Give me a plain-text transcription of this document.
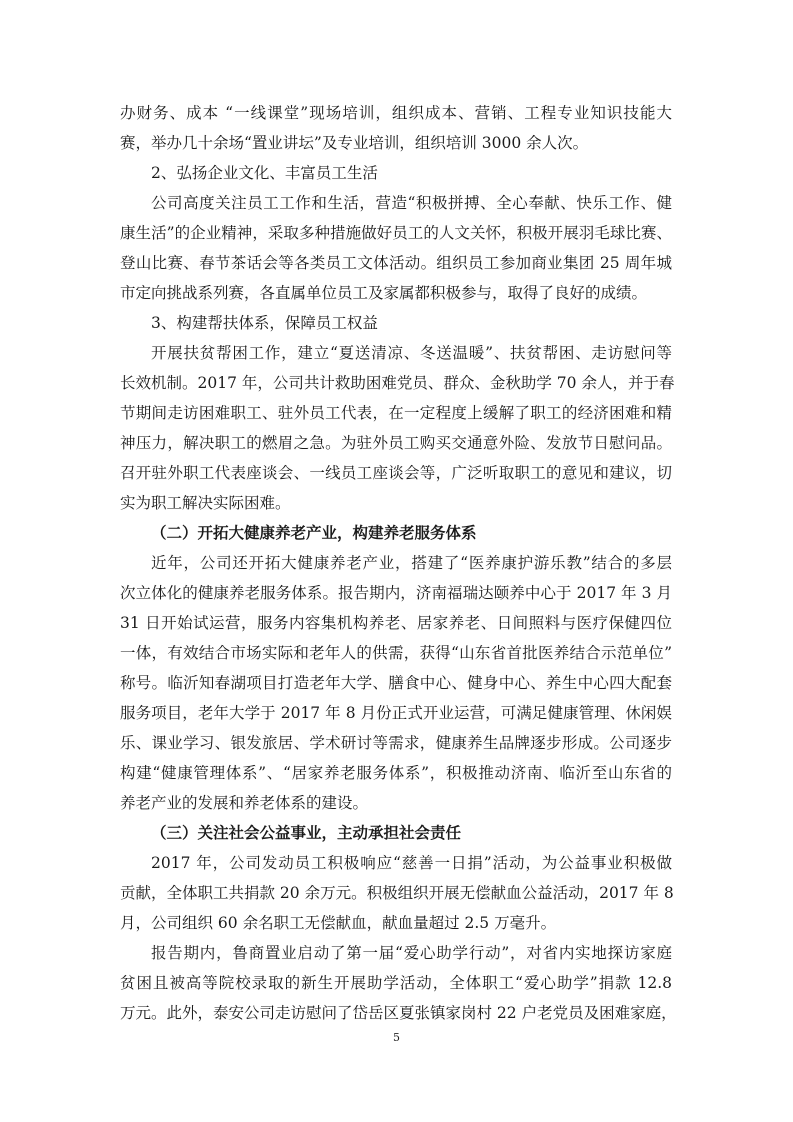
办财务、成本 “一线课堂”现场培训，组织成本、营销、工程专业知识技能大
赛，举办几十余场“置业讲坛”及专业培训，组织培训 3000 余人次。
2、弘扬企业文化、丰富员工生活
公司高度关注员工工作和生活，营造“积极拼搏、全心奉献、快乐工作、健
康生活”的企业精神，采取多种措施做好员工的人文关怀，积极开展羽毛球比赛、
登山比赛、春节茶话会等各类员工文体活动。组织员工参加商业集团 25 周年城
市定向挑战系列赛，各直属单位员工及家属都积极参与，取得了良好的成绩。
3、构建帮扶体系，保障员工权益
开展扶贫帮困工作，建立“夏送清凉、冬送温暖”、扶贫帮困、走访慰问等
长效机制。2017 年，公司共计救助困难党员、群众、金秋助学 70 余人，并于春
节期间走访困难职工、驻外员工代表，在一定程度上缓解了职工的经济困难和精
神压力，解决职工的燃眉之急。为驻外员工购买交通意外险、发放节日慰问品。
召开驻外职工代表座谈会、一线员工座谈会等，广泛听取职工的意见和建议，切
实为职工解决实际困难。
（二）开拓大健康养老产业，构建养老服务体系
近年，公司还开拓大健康养老产业，搭建了“医养康护游乐教”结合的多层
次立体化的健康养老服务体系。报告期内，济南福瑞达颐养中心于 2017 年 3 月
31 日开始试运营，服务内容集机构养老、居家养老、日间照料与医疗保健四位
一体，有效结合市场实际和老年人的供需，获得“山东省首批医养结合示范单位”
称号。临沂知春湖项目打造老年大学、膳食中心、健身中心、养生中心四大配套
服务项目，老年大学于 2017 年 8 月份正式开业运营，可满足健康管理、休闲娱
乐、课业学习、银发旅居、学术研讨等需求，健康养生品牌逐步形成。公司逐步
构建“健康管理体系”、“居家养老服务体系”，积极推动济南、临沂至山东省的
养老产业的发展和养老体系的建设。
（三）关注社会公益事业，主动承担社会责任
2017 年，公司发动员工积极响应“慈善一日捐”活动，为公益事业积极做
贡献，全体职工共捐款 20 余万元。积极组织开展无偿献血公益活动，2017 年 8
月，公司组织 60 余名职工无偿献血，献血量超过 2.5 万毫升。
报告期内，鲁商置业启动了第一届“爱心助学行动”，对省内实地探访家庭
贫困且被高等院校录取的新生开展助学活动，全体职工“爱心助学”捐款 12.8
万元。此外，泰安公司走访慰问了岱岳区夏张镇家岗村 22 户老党员及困难家庭，
5
